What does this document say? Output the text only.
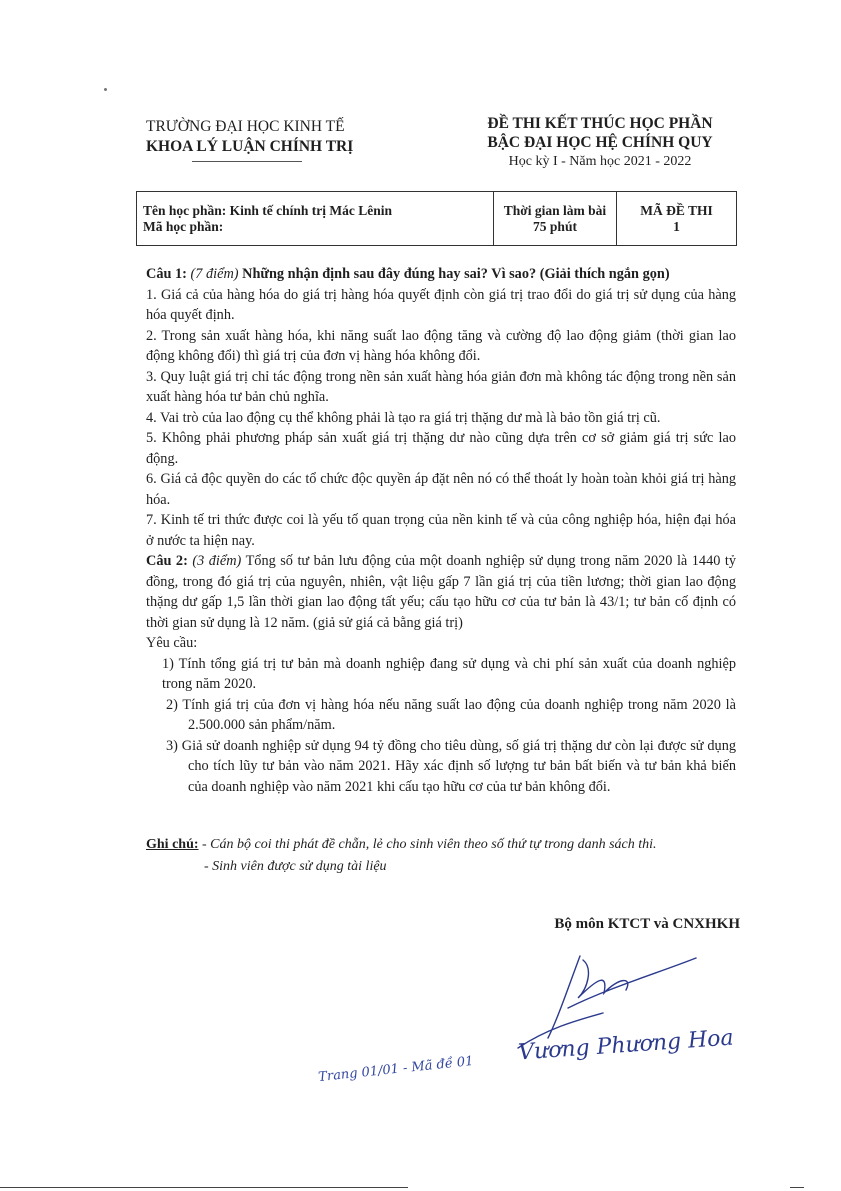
TRƯỜNG ĐẠI HỌC KINH TẾ
KHOA LÝ LUẬN CHÍNH TRỊ
ĐỀ THI KẾT THÚC HỌC PHẦN
BẬC ĐẠI HỌC HỆ CHÍNH QUY
Học kỳ I - Năm học 2021 - 2022
Tên học phần: Kinh tế chính trị Mác Lênin
Mã học phần:

Thời gian làm bài
75 phút

MÃ ĐỀ THI
1

Câu 1: (7 điểm) Những nhận định sau đây đúng hay sai? Vì sao? (Giải thích ngắn gọn)

1. Giá cả của hàng hóa do giá trị hàng hóa quyết định còn giá trị trao đổi do giá trị sử dụng của hàng hóa quyết định.

2. Trong sản xuất hàng hóa, khi năng suất lao động tăng và cường độ lao động giảm (thời gian lao động không đổi) thì giá trị của đơn vị hàng hóa không đổi.

3. Quy luật giá trị chỉ tác động trong nền sản xuất hàng hóa giản đơn mà không tác động trong nền sản xuất hàng hóa tư bản chủ nghĩa.

4. Vai trò của lao động cụ thể không phải là tạo ra giá trị thặng dư mà là bảo tồn giá trị cũ.

5. Không phải phương pháp sản xuất giá trị thặng dư nào cũng dựa trên cơ sở giảm giá trị sức lao động.

6. Giá cả độc quyền do các tổ chức độc quyền áp đặt nên nó có thể thoát ly hoàn toàn khỏi giá trị hàng hóa.

7. Kinh tế tri thức được coi là yếu tố quan trọng của nền kinh tế và của công nghiệp hóa, hiện đại hóa ở nước ta hiện nay.

Câu 2: (3 điểm) Tổng số tư bản lưu động của một doanh nghiệp sử dụng trong năm 2020 là 1440 tỷ đồng, trong đó giá trị của nguyên, nhiên, vật liệu gấp 7 lần giá trị của tiền lương; thời gian lao động thặng dư gấp 1,5 lần thời gian lao động tất yếu; cấu tạo hữu cơ của tư bản là 43/1; tư bản cố định có thời gian sử dụng là 12 năm. (giả sử giá cả bằng giá trị)

Yêu cầu:

1) Tính tổng giá trị tư bản mà doanh nghiệp đang sử dụng và chi phí sản xuất của doanh nghiệp trong năm 2020.

2) Tính giá trị của đơn vị hàng hóa nếu năng suất lao động của doanh nghiệp trong năm 2020 là 2.500.000 sản phẩm/năm.

3) Giả sử doanh nghiệp sử dụng 94 tỷ đồng cho tiêu dùng, số giá trị thặng dư còn lại được sử dụng cho tích lũy tư bản vào năm 2021. Hãy xác định số lượng tư bản bất biến và tư bản khả biến của doanh nghiệp vào năm 2021 khi cấu tạo hữu cơ của tư bản không đổi.

Ghi chú: - Cán bộ coi thi phát đề chẵn, lẻ cho sinh viên theo số thứ tự trong danh sách thi.
- Sinh viên được sử dụng tài liệu
Bộ môn KTCT và CNXHKH
Vương Phương Hoa
Trang 01/01 - Mã đề 01
